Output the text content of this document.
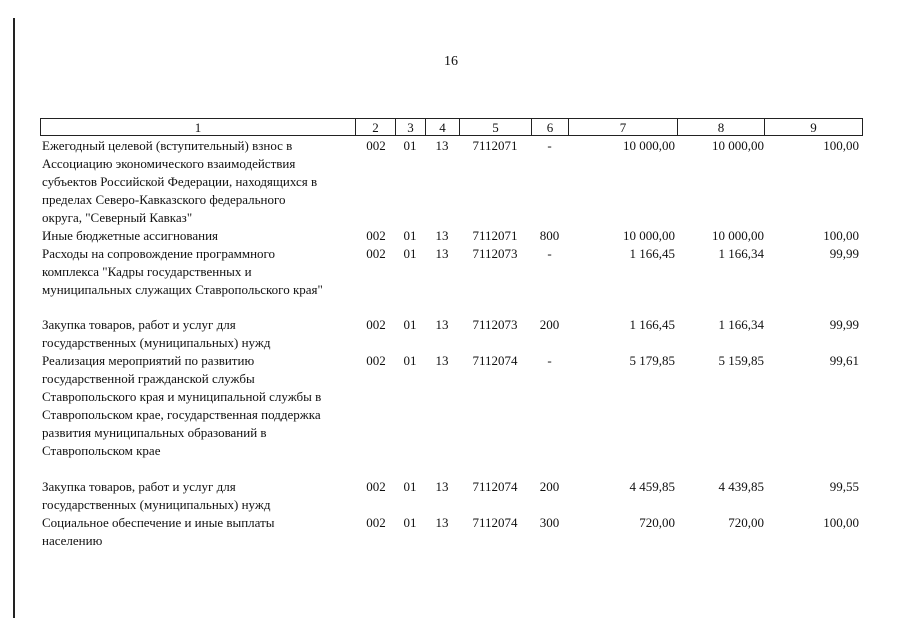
16
1	2	3	4	5	6	7	8	9
Ежегодный целевой (вступительный) взнос в
Ассоциацию экономического взаимодействия
субъектов Российской Федерации, находящихся в
пределах Северо-Кавказского федерального
округа, "Северный Кавказ"
002	01	13	7112071	-	10 000,00	10 000,00	100,00
Иные бюджетные ассигнования	002	01	13	7112071	800	10 000,00	10 000,00	100,00
Расходы на сопровождение программного
комплекса "Кадры государственных и
муниципальных служащих Ставропольского края"
002	01	13	7112073	-	1 166,45	1 166,34	99,99
Закупка товаров, работ и услуг для
государственных (муниципальных) нужд
002	01	13	7112073	200	1 166,45	1 166,34	99,99
Реализация мероприятий по развитию
государственной гражданской службы
Ставропольского края и муниципальной службы в
Ставропольском крае, государственная поддержка
развития муниципальных образований в
Ставропольском крае
002	01	13	7112074	-	5 179,85	5 159,85	99,61
Закупка товаров, работ и услуг для
государственных (муниципальных) нужд
002	01	13	7112074	200	4 459,85	4 439,85	99,55
Социальное обеспечение и иные выплаты
населению
002	01	13	7112074	300	720,00	720,00	100,00
